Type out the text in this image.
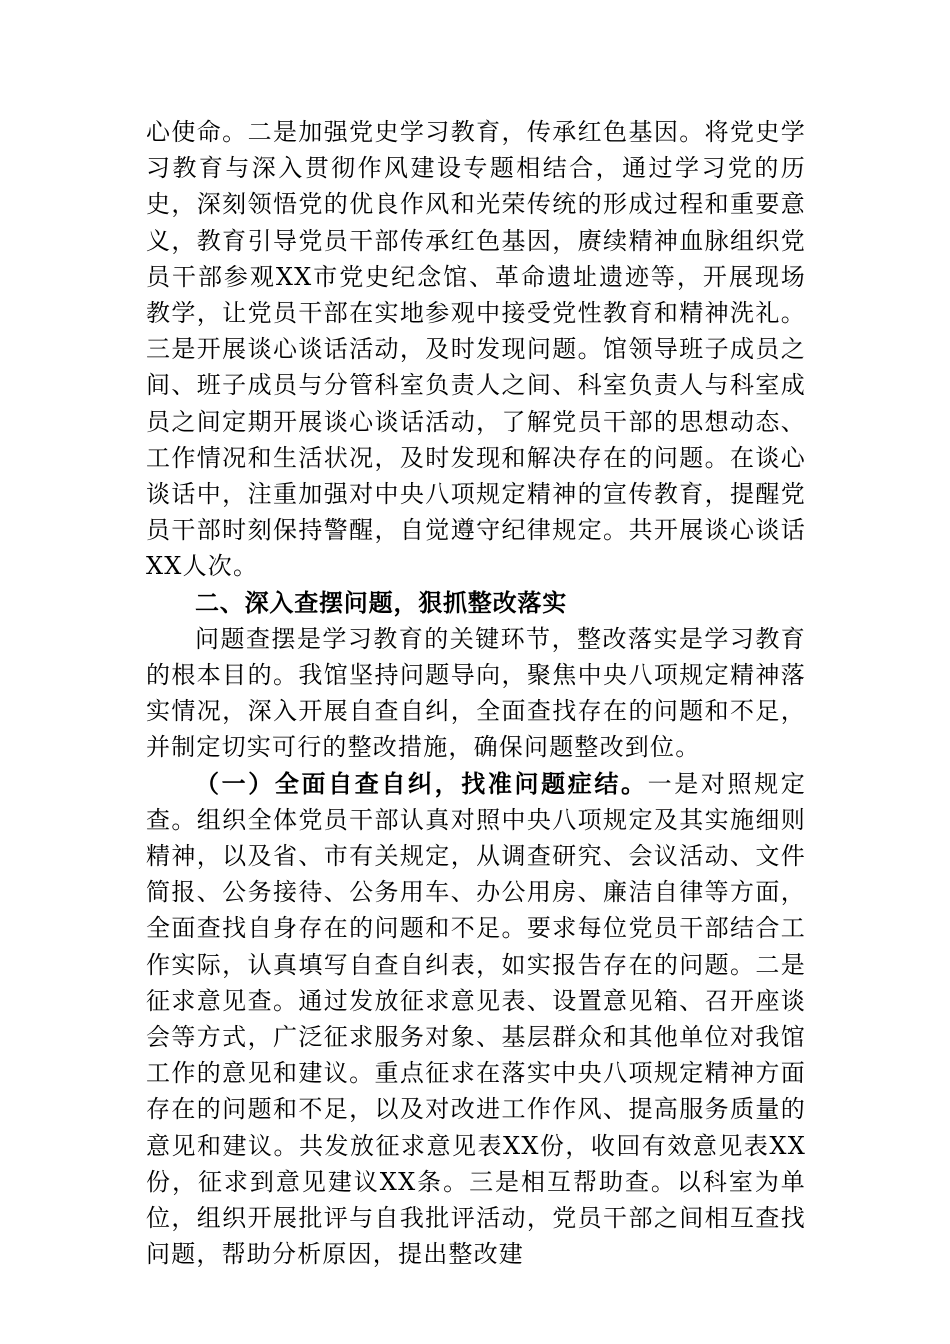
心使命。二是加强党史学习教育，传承红色基因。将党史学习教育与深入贯彻作风建设专题相结合，通过学习党的历史，深刻领悟党的优良作风和光荣传统的形成过程和重要意义，教育引导党员干部传承红色基因，赓续精神血脉组织党员干部参观XX市党史纪念馆、革命遗址遗迹等，开展现场教学，让党员干部在实地参观中接受党性教育和精神洗礼。三是开展谈心谈话活动，及时发现问题。馆领导班子成员之间、班子成员与分管科室负责人之间、科室负责人与科室成员之间定期开展谈心谈话活动，了解党员干部的思想动态、工作情况和生活状况，及时发现和解决存在的问题。在谈心谈话中，注重加强对中央八项规定精神的宣传教育，提醒党员干部时刻保持警醒，自觉遵守纪律规定。共开展谈心谈话XX人次。

二、深入查摆问题，狠抓整改落实

问题查摆是学习教育的关键环节，整改落实是学习教育的根本目的。我馆坚持问题导向，聚焦中央八项规定精神落实情况，深入开展自查自纠，全面查找存在的问题和不足，并制定切实可行的整改措施，确保问题整改到位。

（一）全面自查自纠，找准问题症结。一是对照规定查。组织全体党员干部认真对照中央八项规定及其实施细则精神，以及省、市有关规定，从调查研究、会议活动、文件简报、公务接待、公务用车、办公用房、廉洁自律等方面，全面查找自身存在的问题和不足。要求每位党员干部结合工作实际，认真填写自查自纠表，如实报告存在的问题。二是征求意见查。通过发放征求意见表、设置意见箱、召开座谈会等方式，广泛征求服务对象、基层群众和其他单位对我馆工作的意见和建议。重点征求在落实中央八项规定精神方面存在的问题和不足，以及对改进工作作风、提高服务质量的意见和建议。共发放征求意见表XX份，收回有效意见表XX份，征求到意见建议XX条。三是相互帮助查。以科室为单位，组织开展批评与自我批评活动，党员干部之间相互查找问题，帮助分析原因，提出整改建
